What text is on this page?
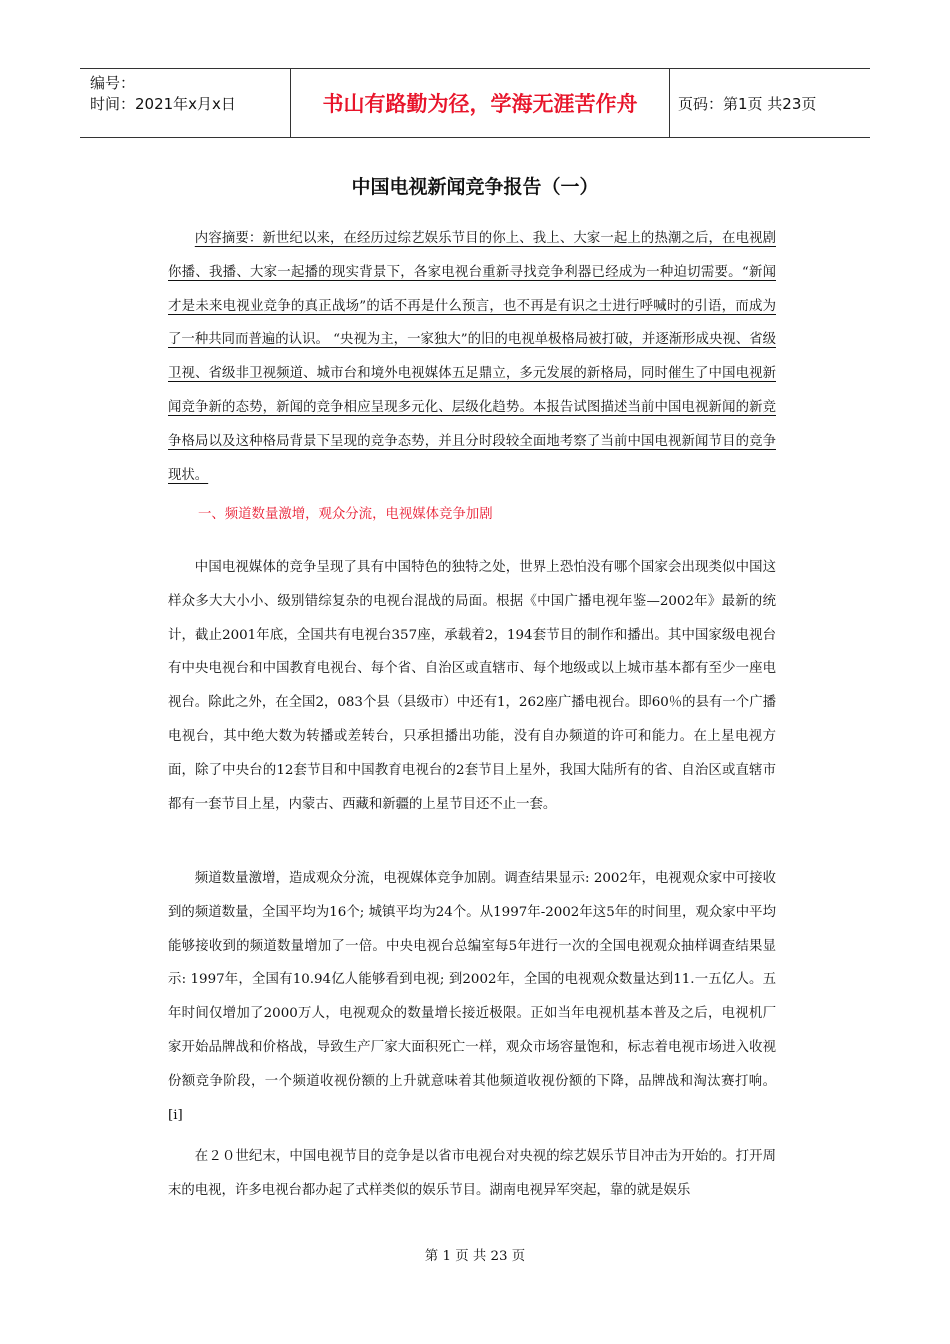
编号：
时间：2021年x月x日	书山有路勤为径，学海无涯苦作舟	页码：第1页 共23页
中国电视新闻竞争报告（一）

内容摘要：新世纪以来，在经历过综艺娱乐节目的你上、我上、大家一起上的热潮之后，在电视剧你播、我播、大家一起播的现实背景下，各家电视台重新寻找竞争利器已经成为一种迫切需要。“新闻才是未来电视业竞争的真正战场”的话不再是什么预言，也不再是有识之士进行呼喊时的引语，而成为了一种共同而普遍的认识。 “央视为主，一家独大”的旧的电视单极格局被打破，并逐渐形成央视、省级卫视、省级非卫视频道、城市台和境外电视媒体五足鼎立，多元发展的新格局，同时催生了中国电视新闻竞争新的态势，新闻的竞争相应呈现多元化、层级化趋势。本报告试图描述当前中国电视新闻的新竞争格局以及这种格局背景下呈现的竞争态势，并且分时段较全面地考察了当前中国电视新闻节目的竞争现状。

一、频道数量激增，观众分流，电视媒体竞争加剧

中国电视媒体的竞争呈现了具有中国特色的独特之处，世界上恐怕没有哪个国家会出现类似中国这样众多大大小小、级别错综复杂的电视台混战的局面。根据《中国广播电视年鉴—2002年》最新的统计，截止2001年底，全国共有电视台357座，承载着2，194套节目的制作和播出。其中国家级电视台有中央电视台和中国教育电视台、每个省、自治区或直辖市、每个地级或以上城市基本都有至少一座电视台。除此之外，在全国2，083个县（县级市）中还有1，262座广播电视台。即60％的县有一个广播电视台，其中绝大数为转播或差转台，只承担播出功能，没有自办频道的许可和能力。在上星电视方面，除了中央台的12套节目和中国教育电视台的2套节目上星外，我国大陆所有的省、自治区或直辖市都有一套节目上星，内蒙古、西藏和新疆的上星节目还不止一套。

频道数量激增，造成观众分流，电视媒体竞争加剧。调查结果显示: 2002年，电视观众家中可接收到的频道数量，全国平均为16个; 城镇平均为24个。从1997年-2002年这5年的时间里，观众家中平均能够接收到的频道数量增加了一倍。中央电视台总编室每5年进行一次的全国电视观众抽样调查结果显示: 1997年，全国有10.94亿人能够看到电视; 到2002年，全国的电视观众数量达到11.一五亿人。五年时间仅增加了2000万人，电视观众的数量增长接近极限。正如当年电视机基本普及之后，电视机厂家开始品牌战和价格战，导致生产厂家大面积死亡一样，观众市场容量饱和，标志着电视市场进入收视份额竞争阶段，一个频道收视份额的上升就意味着其他频道收视份额的下降，品牌战和淘汰赛打响。 [i]

在２０世纪末，中国电视节目的竞争是以省市电视台对央视的综艺娱乐节目冲击为开始的。打开周末的电视，许多电视台都办起了式样类似的娱乐节目。湖南电视异军突起，靠的就是娱乐

第 1 页 共 23 页
